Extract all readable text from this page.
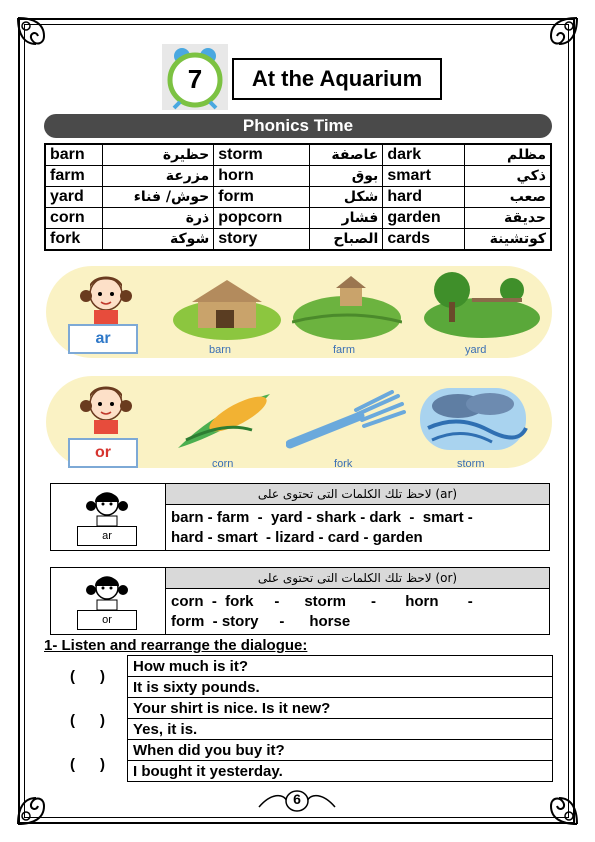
7	At the Aquarium
Phonics Time
barn	حظيرة	storm	عاصفة	dark	مظلم
farm	مزرعة	horn	بوق	smart	ذكي
yard	حوش/ فناء	form	شكل	hard	صعب
corn	ذرة	popcorn	فشار	garden	حديقة
fork	شوكة	story	الصباح	cards	كوتشينة
ar
barn	farm	yard
or
corn	fork	storm
ar
لاحظ تلك الكلمات التى تحتوى على (ar)
barn - farm  -  yard - shark - dark  -  smart -
hard - smart  - lizard - card - garden
or
لاحظ تلك الكلمات التى تحتوى على (or)
corn  -  fork     -      storm      -       horn       -
form  - story     -      horse
1- Listen and rearrange the dialogue:
(      )
(      )
(      )
How much is it?
It is sixty pounds.
Your shirt is nice. Is it new?
Yes, it is.
When did you buy it?
I bought it yesterday.
6
